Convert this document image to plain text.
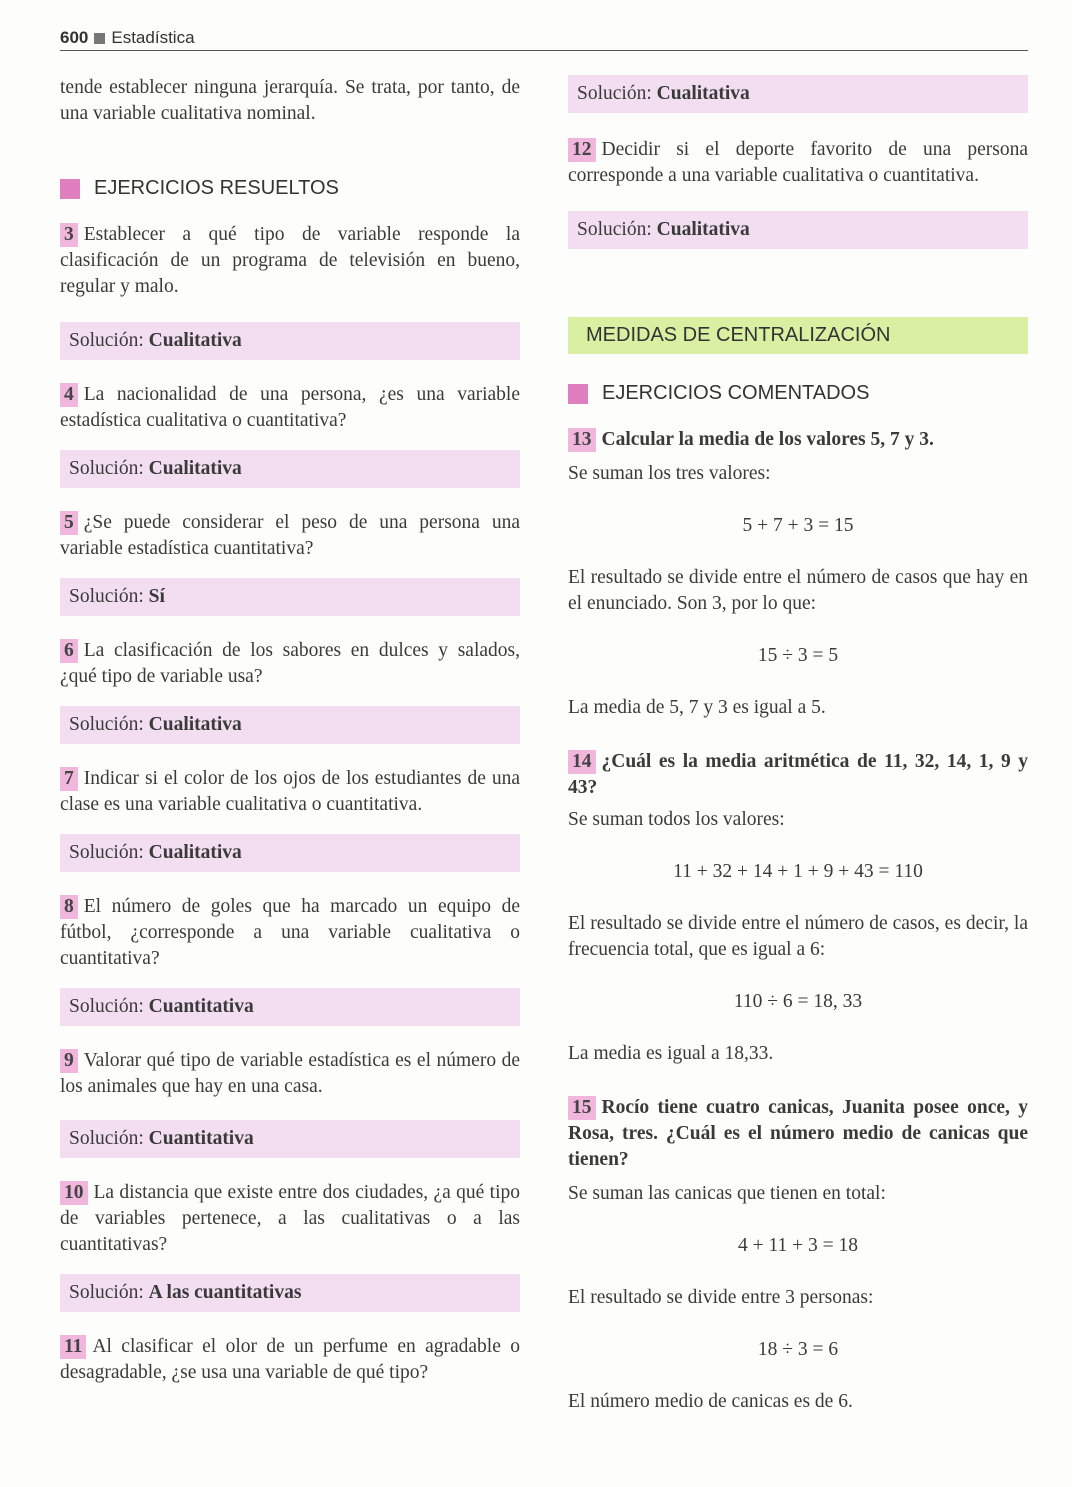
600 Estadística

tende establecer ninguna jerarquía. Se trata, por tanto, de una variable cualitativa nominal.

EJERCICIOS RESUELTOS
3 Establecer a qué tipo de variable responde la clasificación de un programa de televisión en bueno, regular y malo.
Solución: Cualitativa
4 La nacionalidad de una persona, ¿es una variable estadística cualitativa o cuantitativa?
Solución: Cualitativa
5 ¿Se puede considerar el peso de una persona una variable estadística cuantitativa?
Solución: Sí
6 La clasificación de los sabores en dulces y salados, ¿qué tipo de variable usa?
Solución: Cualitativa
7 Indicar si el color de los ojos de los estudiantes de una clase es una variable cualitativa o cuantitativa.
Solución: Cualitativa
8 El número de goles que ha marcado un equipo de fútbol, ¿corresponde a una variable cualitativa o cuantitativa?
Solución: Cuantitativa
9 Valorar qué tipo de variable estadística es el número de los animales que hay en una casa.
Solución: Cuantitativa
10 La distancia que existe entre dos ciudades, ¿a qué tipo de variables pertenece, a las cualitativas o a las cuantitativas?
Solución: A las cuantitativas
11 Al clasificar el olor de un perfume en agradable o desagradable, ¿se usa una variable de qué tipo?
Solución: Cualitativa
12 Decidir si el deporte favorito de una persona corresponde a una variable cualitativa o cuantitativa.
Solución: Cualitativa
MEDIDAS DE CENTRALIZACIÓN
EJERCICIOS COMENTADOS
13 Calcular la media de los valores 5, 7 y 3.

Se suman los tres valores:

5 + 7 + 3 = 15

El resultado se divide entre el número de casos que hay en el enunciado. Son 3, por lo que:

15 ÷ 3 = 5

La media de 5, 7 y 3 es igual a 5.

14 ¿Cuál es la media aritmética de 11, 32, 14, 1, 9 y 43?

Se suman todos los valores:

11 + 32 + 14 + 1 + 9 + 43 = 110

El resultado se divide entre el número de casos, es decir, la frecuencia total, que es igual a 6:

110 ÷ 6 = 18, 33

La media es igual a 18,33.

15 Rocío tiene cuatro canicas, Juanita posee once, y Rosa, tres. ¿Cuál es el número medio de canicas que tienen?

Se suman las canicas que tienen en total:

4 + 11 + 3 = 18

El resultado se divide entre 3 personas:

18 ÷ 3 = 6

El número medio de canicas es de 6.
